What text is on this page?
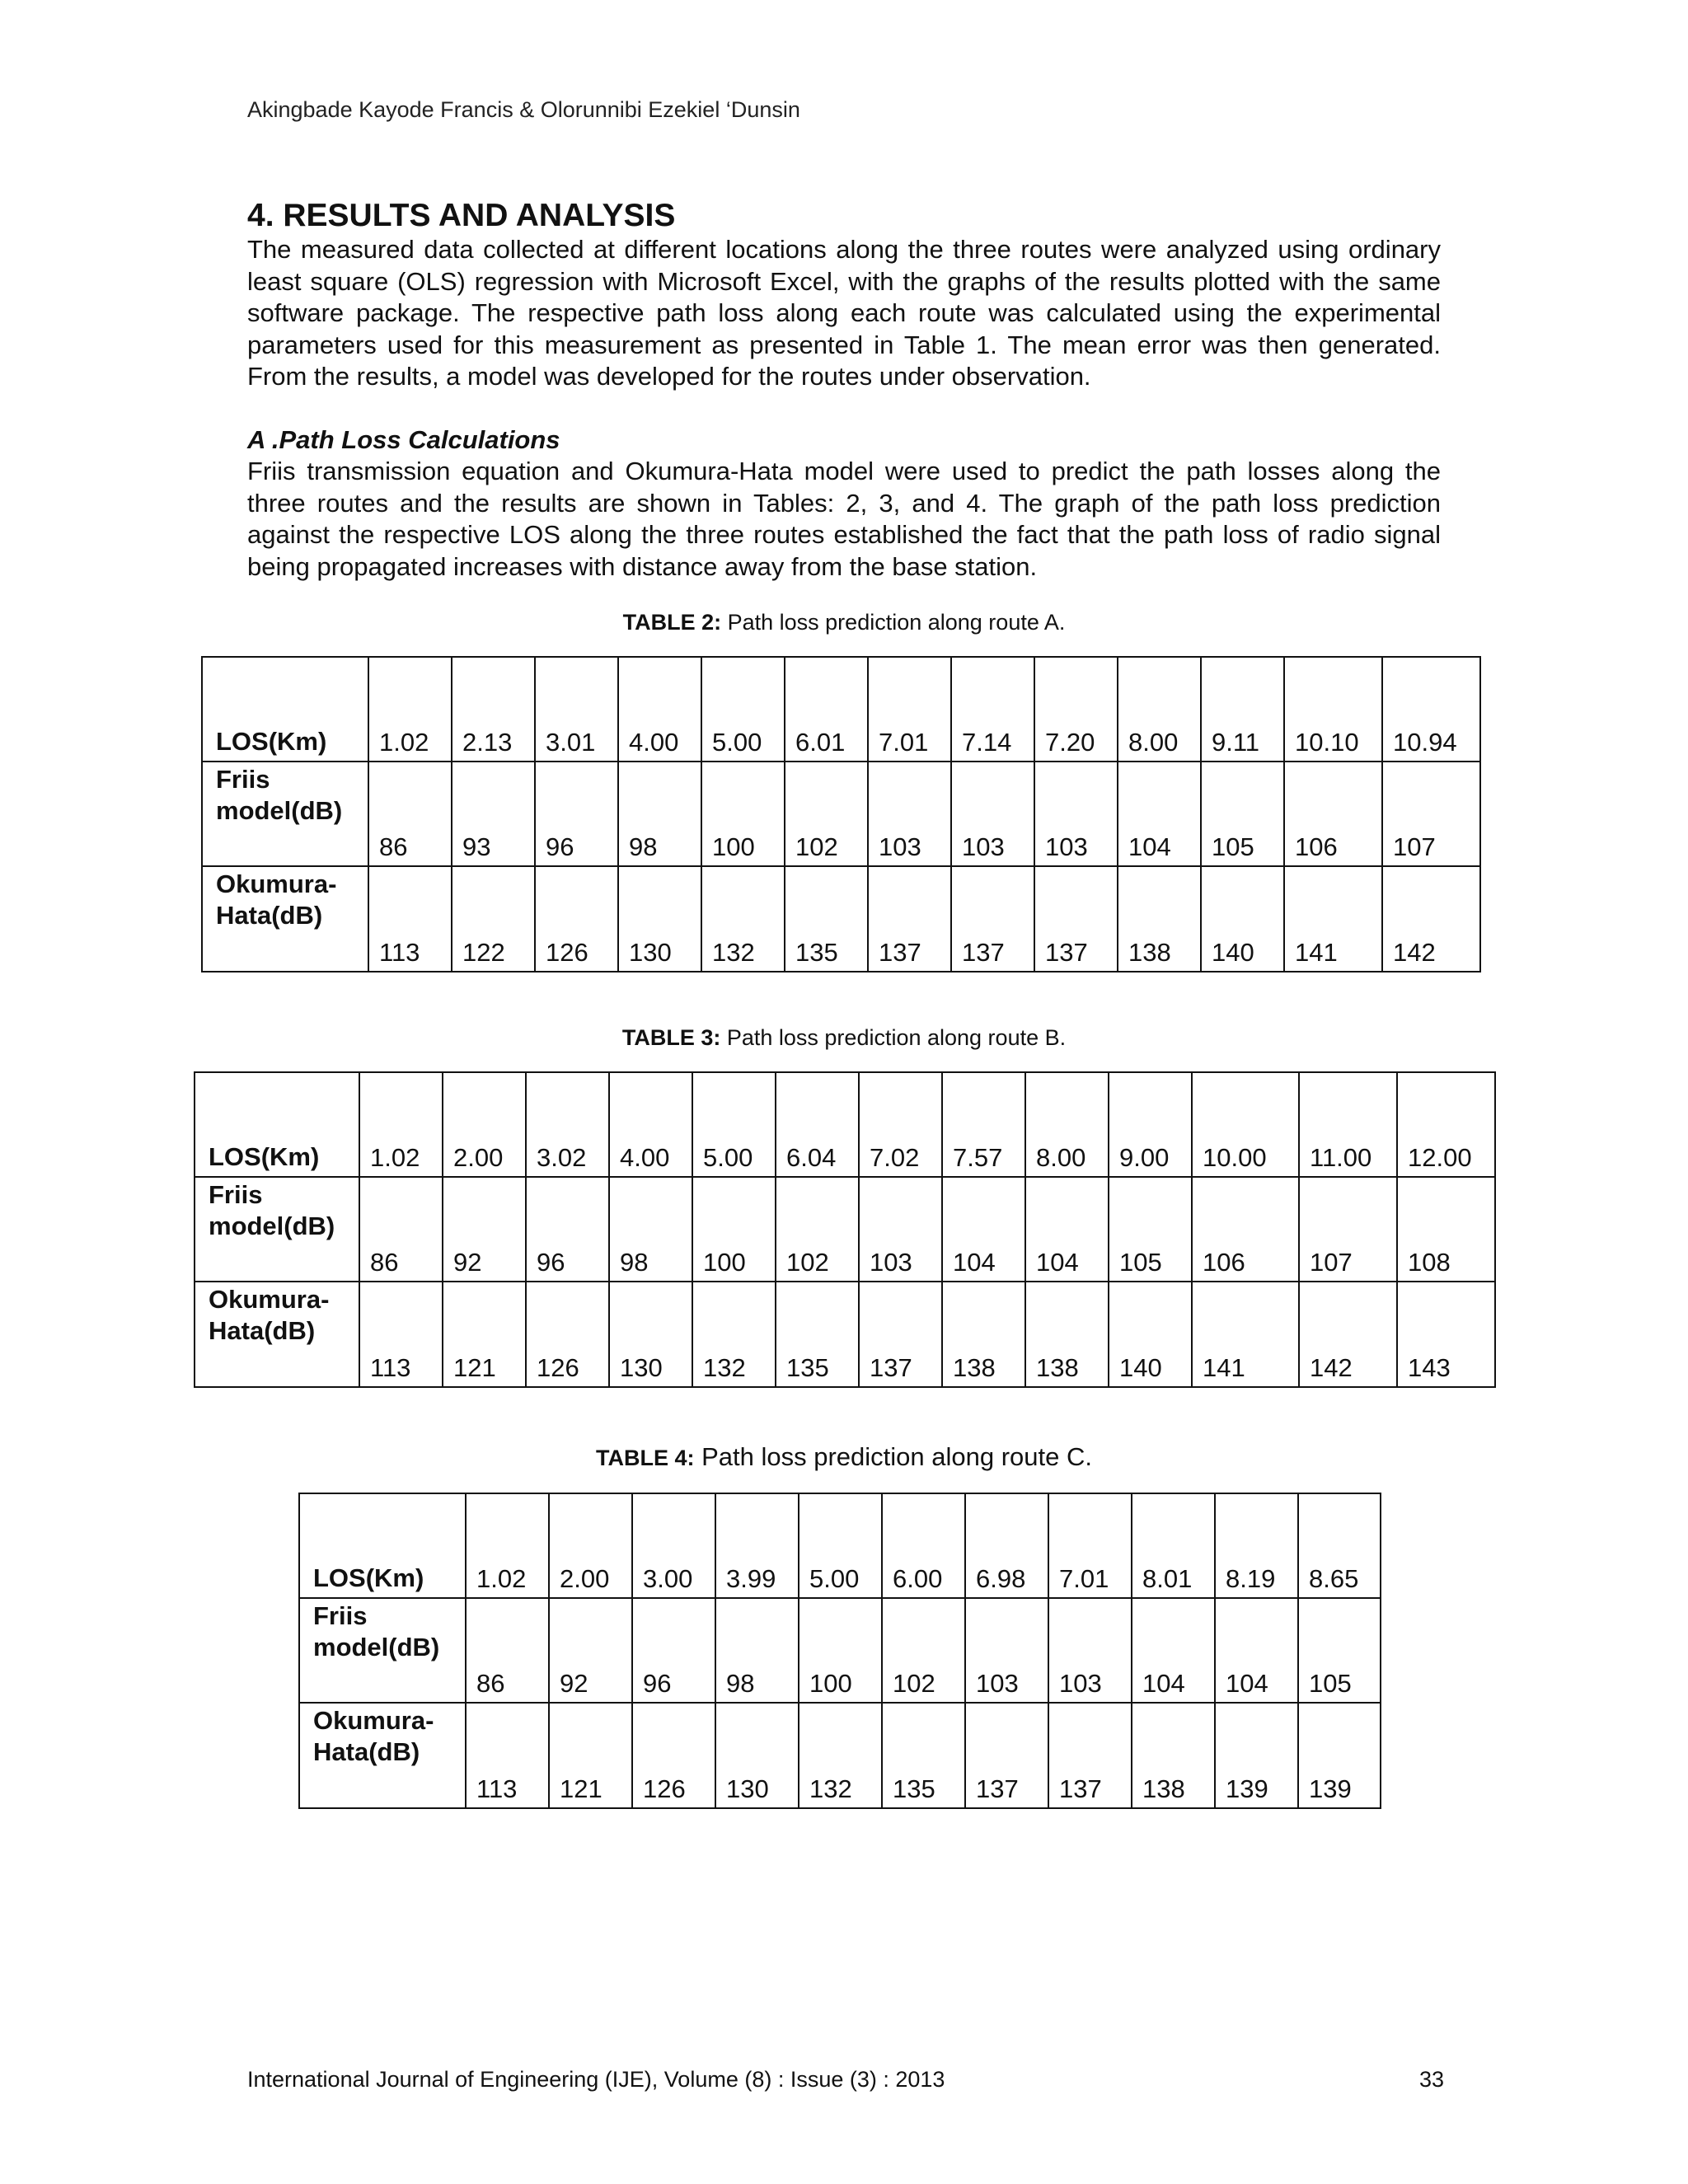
Akingbade Kayode Francis & Olorunnibi Ezekiel ‘Dunsin
4. RESULTS AND ANALYSIS

The measured data collected at different locations along the three routes were analyzed using ordinary least square (OLS) regression with Microsoft Excel, with the graphs of the results plotted with the same software package. The respective path loss along each route was calculated using the experimental parameters used for this measurement as presented in Table 1. The mean error was then generated. From the results, a model was developed for the routes under observation.

A .Path Loss Calculations

Friis transmission equation and Okumura-Hata model were used to predict the path losses along the three routes and the results are shown in Tables: 2, 3, and 4. The graph of the path loss prediction against the respective LOS along the three routes established the fact that the path loss of radio signal being propagated increases with distance away from the base station.

TABLE 2: Path loss prediction along route A.
LOS(Km)	1.02	2.13	3.01	4.00	5.00	6.01	7.01	7.14	7.20	8.00	9.11	10.10	10.94
Friis model(dB)	86	93	96	98	100	102	103	103	103	104	105	106	107
Okumura-Hata(dB)	113	122	126	130	132	135	137	137	137	138	140	141	142
TABLE 3: Path loss prediction along route B.
LOS(Km)	1.02	2.00	3.02	4.00	5.00	6.04	7.02	7.57	8.00	9.00	10.00	11.00	12.00
Friis model(dB)	86	92	96	98	100	102	103	104	104	105	106	107	108
Okumura-Hata(dB)	113	121	126	130	132	135	137	138	138	140	141	142	143
TABLE 4: Path loss prediction along route C.
LOS(Km)	1.02	2.00	3.00	3.99	5.00	6.00	6.98	7.01	8.01	8.19	8.65
Friis model(dB)	86	92	96	98	100	102	103	103	104	104	105
Okumura-Hata(dB)	113	121	126	130	132	135	137	137	138	139	139
International Journal of Engineering (IJE), Volume (8) : Issue (3) : 2013	33
